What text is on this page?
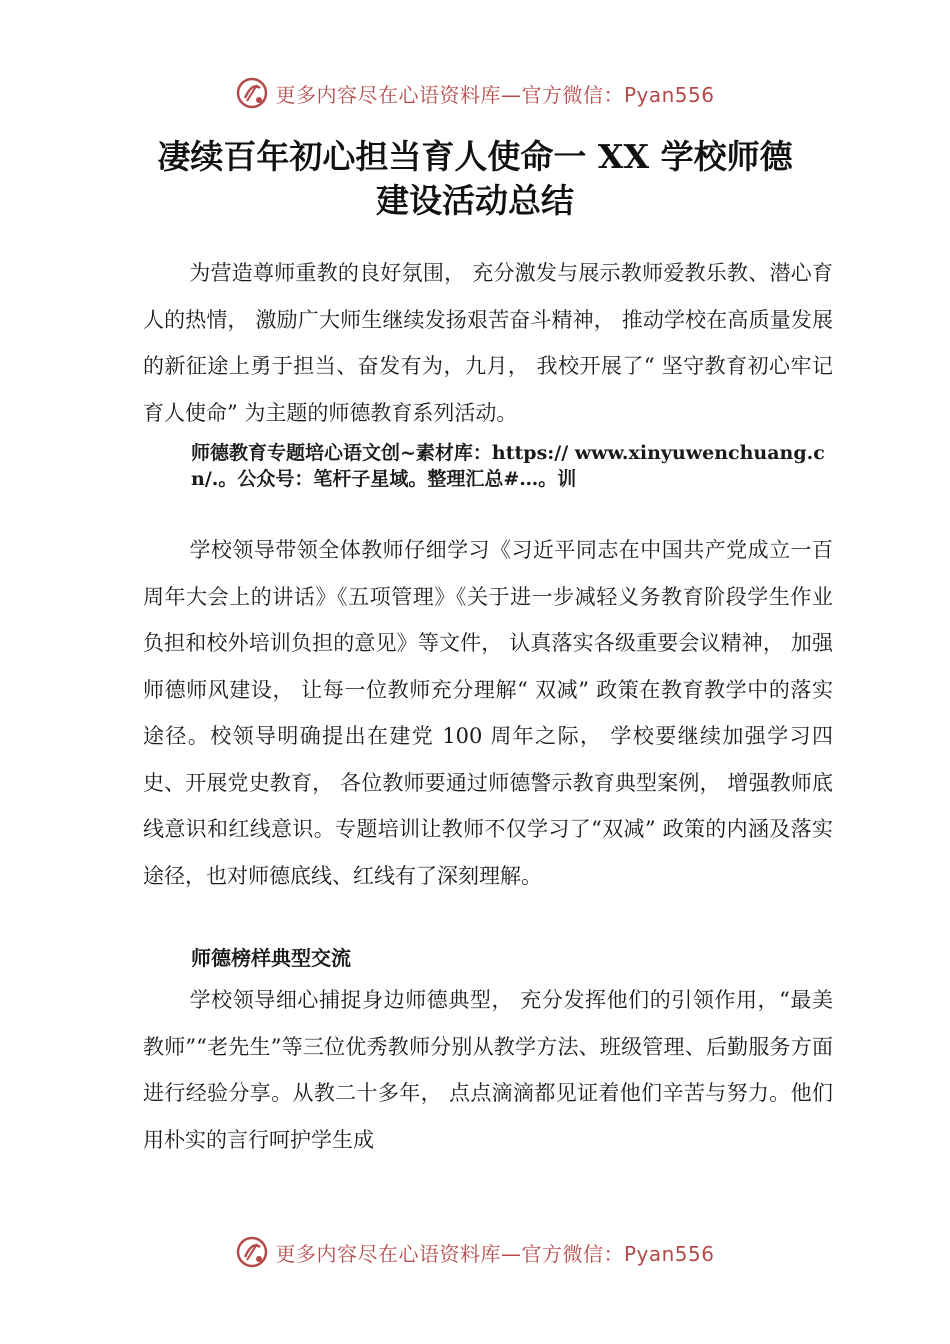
更多内容尽在心语资料库—官方微信：Pyan556
凄续百年初心担当育人使命一 XX 学校师德
建设活动总结

为营造尊师重教的良好氛围， 充分激发与展示教师爱教乐教、潜心育人的热情， 激励广大师生继续发扬艰苦奋斗精神， 推动学校在高质量发展的新征途上勇于担当、奋发有为，九月， 我校开展了“ 坚守教育初心牢记育人使命” 为主题的师德教育系列活动。

师德教育专题培心语文创~素材库：https:// www.xinyuwenchuang.cn/.。公众号：笔杆子星域。整理汇总#…。训

学校领导带领全体教师仔细学习《习近平同志在中国共产党成立一百周年大会上的讲话》《五项管理》《关于进一步减轻义务教育阶段学生作业负担和校外培训负担的意见》等文件， 认真落实各级重要会议精神， 加强师德师风建设， 让每一位教师充分理解“ 双减” 政策在教育教学中的落实途径。校领导明确提出在建党 100 周年之际， 学校要继续加强学习四史、开展党史教育， 各位教师要通过师德警示教育典型案例， 增强教师底线意识和红线意识。专题培训让教师不仅学习了“双减” 政策的内涵及落实途径，也对师德底线、红线有了深刻理解。

师德榜样典型交流

学校领导细心捕捉身边师德典型， 充分发挥他们的引领作用，“最美教师”“老先生”等三位优秀教师分别从教学方法、班级管理、后勤服务方面进行经验分享。从教二十多年， 点点滴滴都见证着他们辛苦与努力。他们用朴实的言行呵护学生成

更多内容尽在心语资料库—官方微信：Pyan556
